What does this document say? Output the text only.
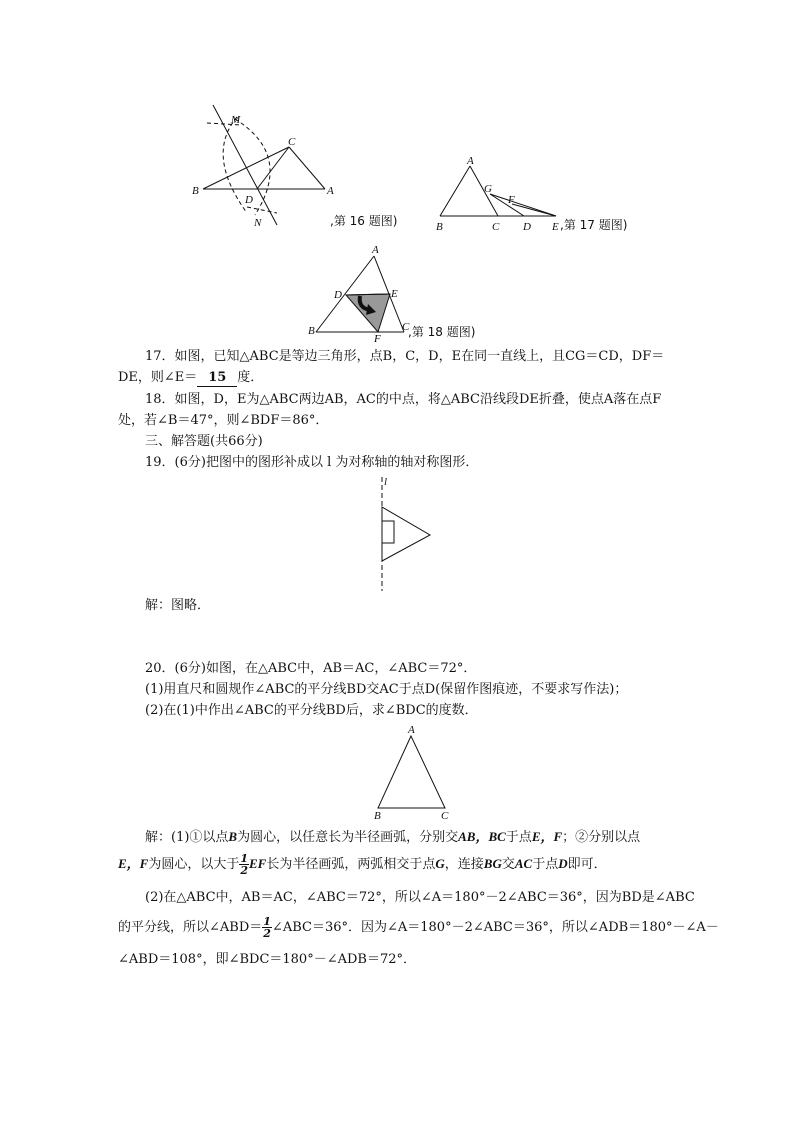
M
C
B
D
A
N	,第 16 题图)
A
G
F
B	C D E ,第 17 题图)
A
D	E
B
F
C
,第 18 题图)
17．如图，已知△ABC是等边三角形，点B，C，D，E在同一直线上，且CG＝CD，DF＝
DE，则∠E＝ 15 度．
18．如图，D，E为△ABC两边AB，AC的中点，将△ABC沿线段DE折叠，使点A落在点F
处，若∠B＝47°，则∠BDF＝86°．
三、解答题(共66分)
19．(6分)把图中的图形补成以 l 为对称轴的轴对称图形．
l
解：图略．
20．(6分)如图，在△ABC中，AB＝AC，∠ABC＝72°．
(1)用直尺和圆规作∠ABC的平分线BD交AC于点D(保留作图痕迹，不要求写作法)；
(2)在(1)中作出∠ABC的平分线BD后，求∠BDC的度数．
A
B	C
解：(1)①以点B为圆心，以任意长为半径画弧，分别交AB，BC于点E，F；②分别以点
E，F为圆心，以大于 $\frac{1}{2}$ EF长为半径画弧，两弧相交于点G，连接BG交AC于点D即可．
(2)在△ABC中，AB＝AC，∠ABC＝72°，所以∠A＝180°－2∠ABC＝36°，因为BD是∠ABC
的平分线，所以∠ABD＝ $\frac{1}{2}$ ∠ABC＝36°．因为∠A＝180°－2∠ABC＝36°，所以∠ADB＝180°－∠A－
∠ABD＝108°，即∠BDC＝180°－∠ADB＝72°．
